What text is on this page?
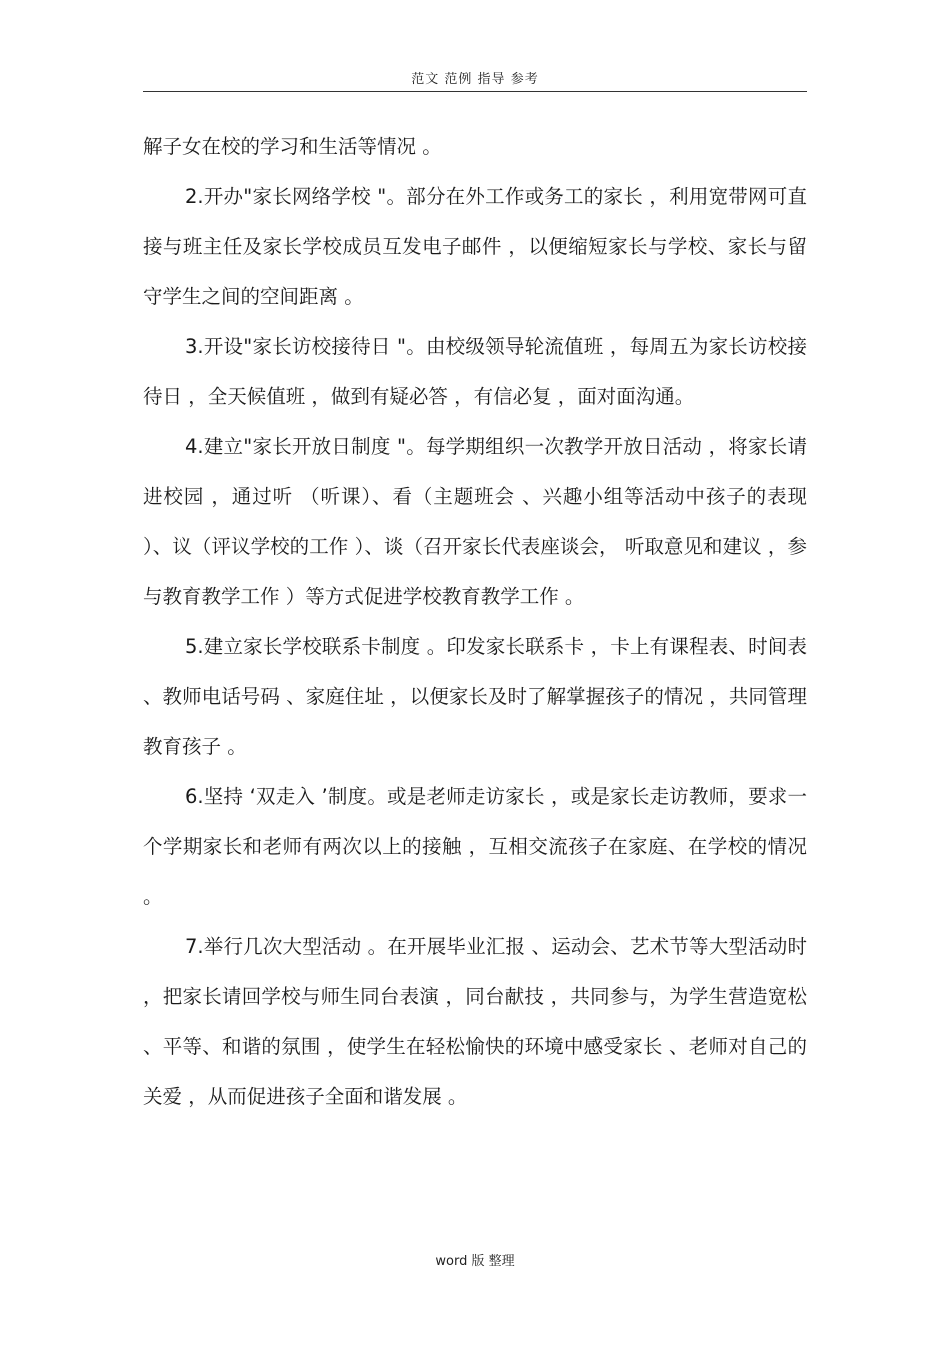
范文 范例 指导 参考

解子女在校的学习和生活等情况 。

2.开办"家长网络学校 "。部分在外工作或务工的家长 ，利用宽带网可直接与班主任及家长学校成员互发电子邮件 ，以便缩短家长与学校、家长与留守学生之间的空间距离 。

3.开设"家长访校接待日 "。由校级领导轮流值班 ，每周五为家长访校接待日 ，全天候值班 ，做到有疑必答 ，有信必复 ，面对面沟通。

4.建立"家长开放日制度 "。每学期组织一次教学开放日活动 ，将家长请进校园 ，通过听 （听课）、看（主题班会 、兴趣小组等活动中孩子的表现 ）、议（评议学校的工作 ）、谈（召开家长代表座谈会， 听取意见和建议 ，参与教育教学工作 ）等方式促进学校教育教学工作 。

5.建立家长学校联系卡制度 。印发家长联系卡 ，卡上有课程表、时间表 、教师电话号码 、家庭住址 ，以便家长及时了解掌握孩子的情况 ，共同管理教育孩子 。

6.坚持 ‘双走入 ’制度。或是老师走访家长 ，或是家长走访教师，要求一个学期家长和老师有两次以上的接触 ，互相交流孩子在家庭、在学校的情况 。

7.举行几次大型活动 。在开展毕业汇报 、运动会、艺术节等大型活动时 ，把家长请回学校与师生同台表演 ，同台献技 ，共同参与，为学生营造宽松 、平等、和谐的氛围 ，使学生在轻松愉快的环境中感受家长 、老师对自己的关爱 ，从而促进孩子全面和谐发展 。

word 版 整理
